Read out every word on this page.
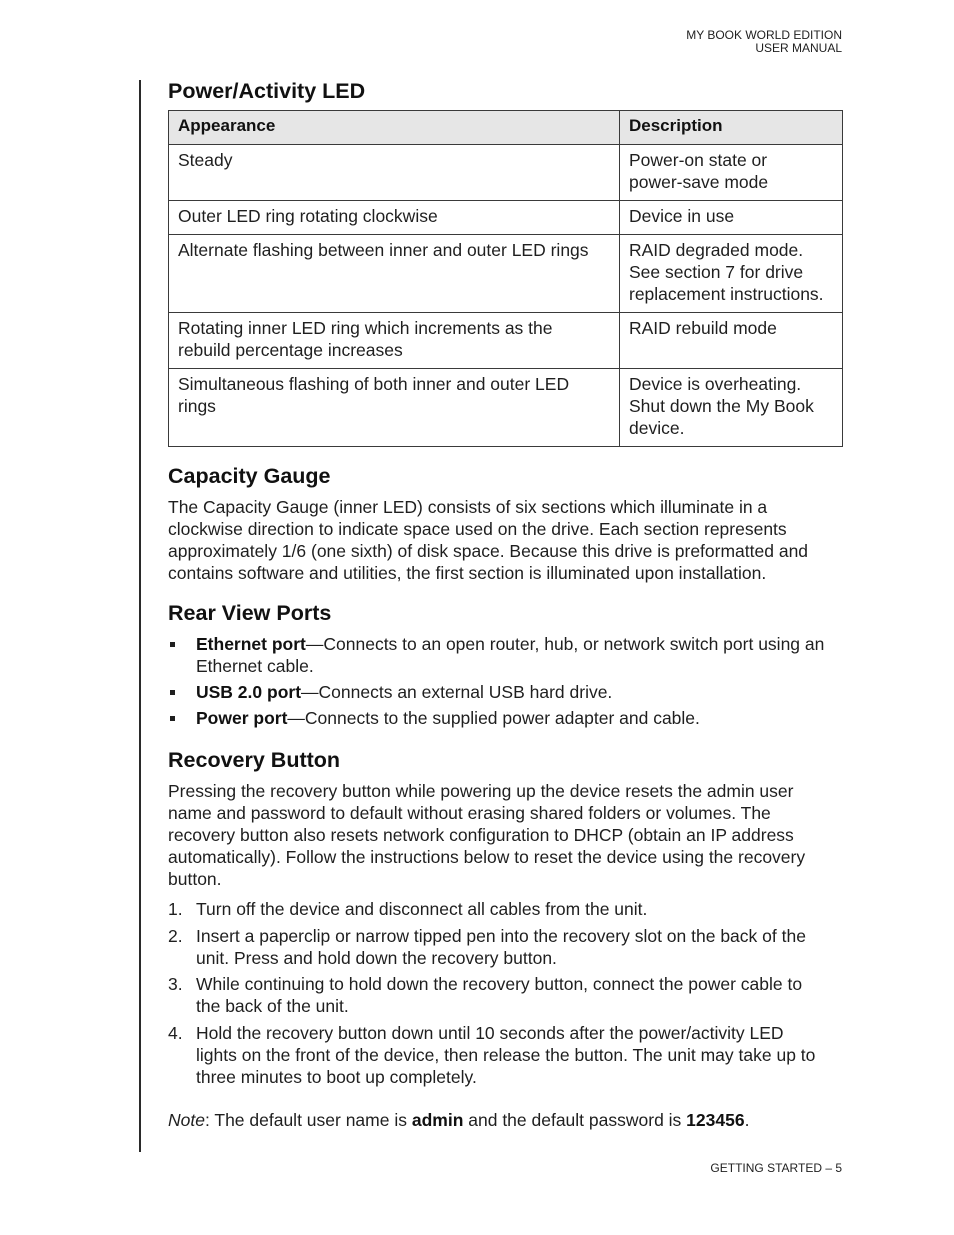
MY BOOK WORLD EDITION
USER MANUAL
Power/Activity LED
Appearance	Description
Steady	Power-on state or
power-save mode
Outer LED ring rotating clockwise	Device in use
Alternate flashing between inner and outer LED rings	RAID degraded mode.
See section 7 for drive
replacement instructions.
Rotating inner LED ring which increments as the
rebuild percentage increases	RAID rebuild mode
Simultaneous flashing of both inner and outer LED
rings	Device is overheating.
Shut down the My Book
device.
Capacity Gauge

The Capacity Gauge (inner LED) consists of six sections which illuminate in a
clockwise direction to indicate space used on the drive. Each section represents
approximately 1/6 (one sixth) of disk space. Because this drive is preformatted and
contains software and utilities, the first section is illuminated upon installation.

Rear View Ports
Ethernet port—Connects to an open router, hub, or network switch port using an
Ethernet cable.
USB 2.0 port—Connects an external USB hard drive.
Power port—Connects to the supplied power adapter and cable.
Recovery Button

Pressing the recovery button while powering up the device resets the admin user
name and password to default without erasing shared folders or volumes. The
recovery button also resets network configuration to DHCP (obtain an IP address
automatically). Follow the instructions below to reset the device using the recovery
button.

1. Turn off the device and disconnect all cables from the unit.
2. Insert a paperclip or narrow tipped pen into the recovery slot on the back of the
unit. Press and hold down the recovery button.
3. While continuing to hold down the recovery button, connect the power cable to
the back of the unit.
4. Hold the recovery button down until 10 seconds after the power/activity LED
lights on the front of the device, then release the button. The unit may take up to
three minutes to boot up completely.

Note: The default user name is admin and the default password is 123456.

GETTING STARTED – 5
